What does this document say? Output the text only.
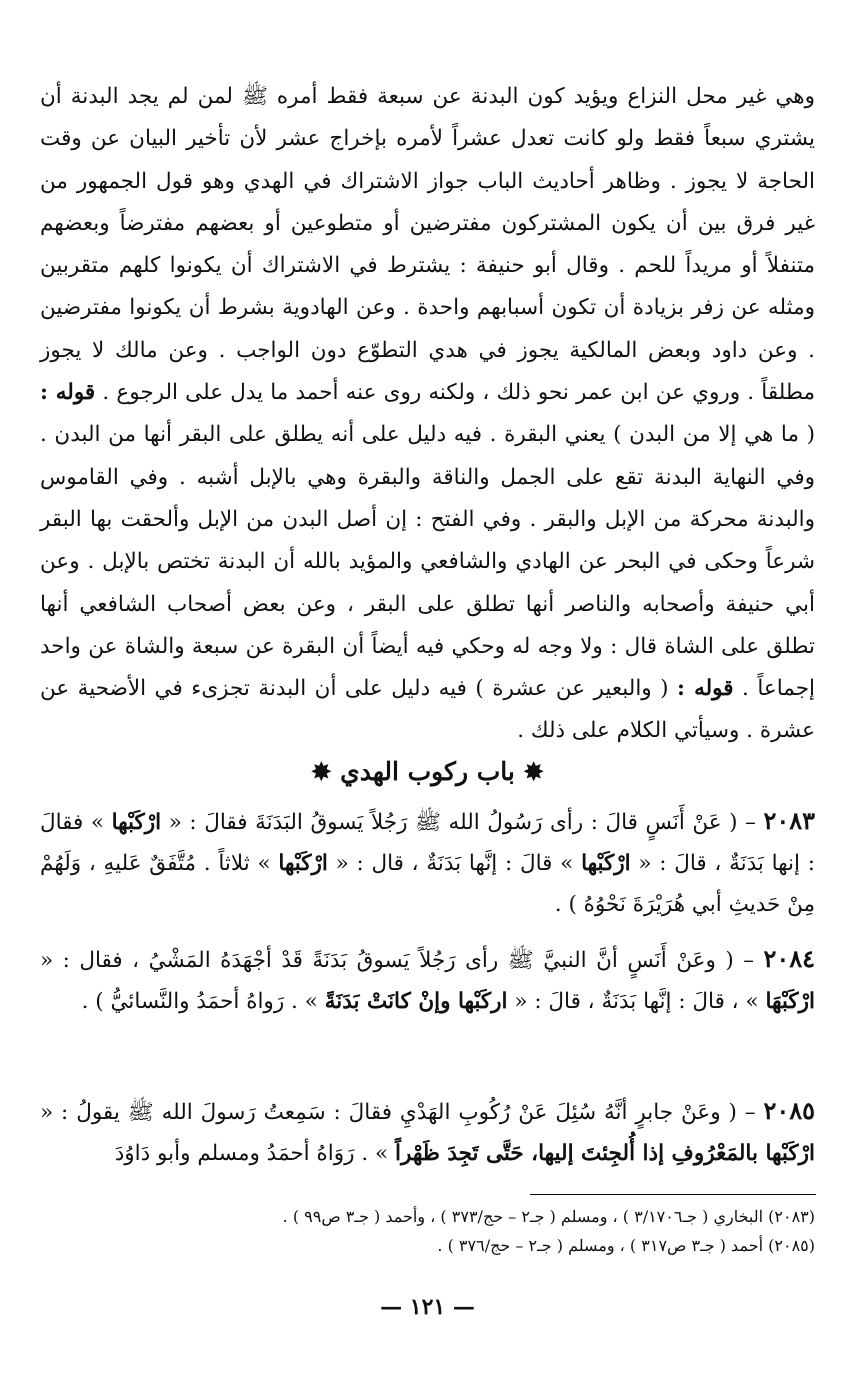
وهي غير محل النزاع ويؤيد كون البدنة عن سبعة فقط أمره ﷺ لمن لم يجد البدنة أن يشتري سبعاً فقط ولو كانت تعدل عشراً لأمره بإخراج عشر لأن تأخير البيان عن وقت الحاجة لا يجوز . وظاهر أحاديث الباب جواز الاشتراك في الهدي وهو قول الجمهور من غير فرق بين أن يكون المشتركون مفترضين أو متطوعين أو بعضهم مفترضاً وبعضهم متنفلاً أو مريداً للحم . وقال أبو حنيفة : يشترط في الاشتراك أن يكونوا كلهم متقربين ومثله عن زفر بزيادة أن تكون أسبابهم واحدة . وعن الهادوية بشرط أن يكونوا مفترضين . وعن داود وبعض المالكية يجوز في هدي التطوّع دون الواجب . وعن مالك لا يجوز مطلقاً . وروي عن ابن عمر نحو ذلك ، ولكنه روى عنه أحمد ما يدل على الرجوع . قوله : ( ما هي إلا من البدن ) يعني البقرة . فيه دليل على أنه يطلق على البقر أنها من البدن . وفي النهاية البدنة تقع على الجمل والناقة والبقرة وهي بالإبل أشبه . وفي القاموس والبدنة محركة من الإبل والبقر . وفي الفتح : إن أصل البدن من الإبل وألحقت بها البقر شرعاً وحكى في البحر عن الهادي والشافعي والمؤيد بالله أن البدنة تختص بالإبل . وعن أبي حنيفة وأصحابه والناصر أنها تطلق على البقر ، وعن بعض أصحاب الشافعي أنها تطلق على الشاة قال : ولا وجه له وحكي فيه أيضاً أن البقرة عن سبعة والشاة عن واحد إجماعاً . قوله : ( والبعير عن عشرة ) فيه دليل على أن البدنة تجزىء في الأضحية عن عشرة . وسيأتي الكلام على ذلك .

✸ باب ركوب الهدي ✸

٢٠٨٣ – ( عَنْ أَنَسٍ قالَ : رأى رَسُولُ الله ﷺ رَجُلاً يَسوقُ البَدَنَةَ فقالَ : « ارْكَبْها » فقالَ : إنها بَدَنَةٌ ، قالَ : « ارْكَبْها » قالَ : إنَّها بَدَنَةٌ ، قال : « ارْكَبْها » ثلاثاً . مُتَّفَقٌ عَليهِ ، وَلَهُمْ مِنْ حَديثِ أبي هُرَيْرَةَ نَحْوُهُ ) .

٢٠٨٤ – ( وعَنْ أَنَسٍ أنَّ النبيَّ ﷺ رأى رَجُلاً يَسوقُ بَدَنَةً قَدْ أجْهَدَهُ المَشْيُ ، فقال : « ارْكَبْهَا » ، قالَ : إنَّها بَدَنَةٌ ، قالَ : « اركَبْها وإنْ كانَتْ بَدَنَةً » . رَواهُ أحمَدُ والنَّسائيُّ ) .

٢٠٨٥ – ( وعَنْ جابرٍ أنَّهُ سُئِلَ عَنْ رُكُوبِ الهَدْيِ فقالَ : سَمِعتُ رَسولَ الله ﷺ يقولُ : « ارْكَبْها بالمَعْرُوفِ إذا أُلجِئتَ إليها، حَتَّى تَجِدَ ظَهْراً » . رَوَاهُ أحمَدُ ومسلم وأبو دَاوُدَ

(٢٠٨٣) البخاري ( جـ٣/١٧٠٦ ) ، ومسلم ( جـ٢ – حج/٣٧٣ ) ، وأحمد ( جـ٣ ص٩٩ ) .

(٢٠٨٥) أحمد ( جـ٣ ص٣١٧ ) ، ومسلم ( جـ٢ – حج/٣٧٦ ) .

— ١٢١ —
